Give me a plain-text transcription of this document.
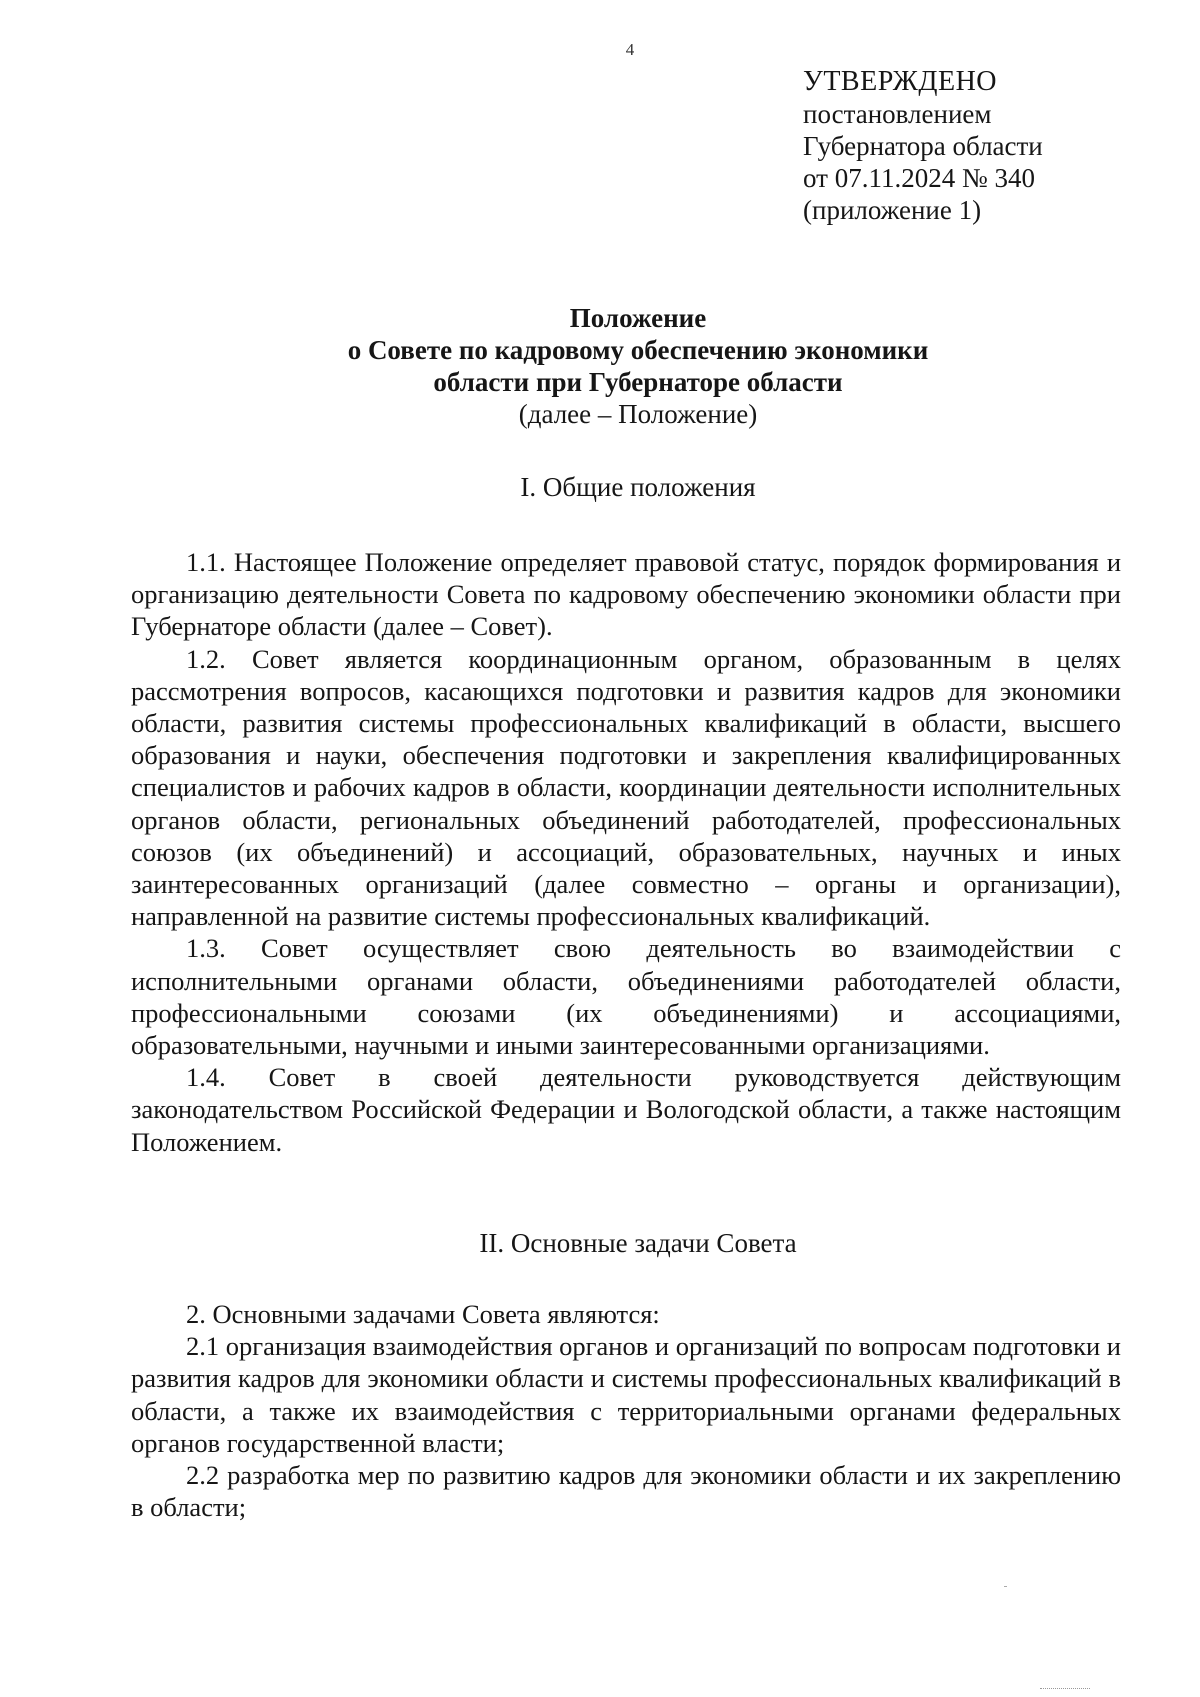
4
УТВЕРЖДЕНО
постановлением
Губернатора области
от 07.11.2024 № 340
(приложение 1)
Положение
о Совете по кадровому обеспечению экономики
области при Губернаторе области
(далее – Положение)
I. Общие положения

1.1. Настоящее Положение определяет правовой статус, порядок формирования и организацию деятельности Совета по кадровому обеспечению экономики области при Губернаторе области (далее – Совет).

1.2. Совет является координационным органом, образованным в целях рассмотрения вопросов, касающихся подготовки и развития кадров для экономики области, развития системы профессиональных квалификаций в области, высшего образования и науки, обеспечения подготовки и закрепления квалифицированных специалистов и рабочих кадров в области, координации деятельности исполнительных органов области, региональных объединений работодателей, профессиональных союзов (их объединений) и ассоциаций, образовательных, научных и иных заинтересованных организаций (далее совместно – органы и организации), направленной на развитие системы профессиональных квалификаций.

1.3. Совет осуществляет свою деятельность во взаимодействии с исполнительными органами области, объединениями работодателей области, профессиональными союзами (их объединениями) и ассоциациями, образовательными, научными и иными заинтересованными организациями.

1.4. Совет в своей деятельности руководствуется действующим законодательством Российской Федерации и Вологодской области, а также настоящим Положением.

II. Основные задачи Совета

2. Основными задачами Совета являются:

2.1 организация взаимодействия органов и организаций по вопросам подготовки и развития кадров для экономики области и системы профессиональных квалификаций в области, а также их взаимодействия с территориальными органами федеральных органов государственной власти;

2.2 разработка мер по развитию кадров для экономики области и их закреплению в области;
